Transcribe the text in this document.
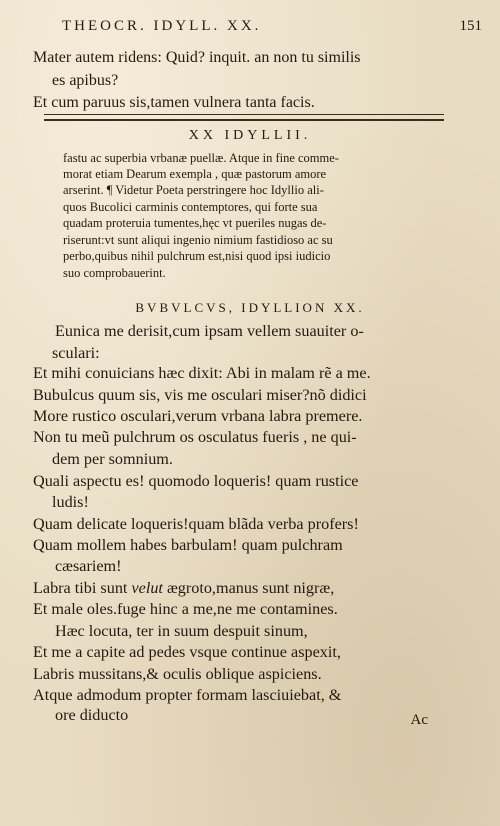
THEOCR. IDYLL. XX.	151
Mater autem ridens: Quid? inquit. an non tu similis
es apibus?
Et cum paruus sis,tamen vulnera tanta facis.
XX IDYLLII.
fastu ac superbia vrbanæ puellæ. Atque in fine comme-
morat etiam Dearum exempla , quæ pastorum amore
arserint. ¶ Videtur Poeta perstringere hoc Idyllio ali-
quos Bucolici carminis contemptores, qui forte sua
quadam proteruia tumentes,hęc vt pueriles nugas de-
riserunt:vt sunt aliqui ingenio nimium fastidioso ac su
perbo,quibus nihil pulchrum est,nisi quod ipsi iudicio
suo comprobauerint.
BVBVLCVS, IDYLLION XX.
Eunica me derisit,cum ipsam vellem suauiter o-
sculari:
Et mihi conuicians hæc dixit: Abi in malam rẽ a me.
Bubulcus quum sis, vis me osculari miser?nõ didici
More rustico osculari,verum vrbana labra premere.
Non tu meũ pulchrum os osculatus fueris , ne qui-
dem per somnium.
Quali aspectu es! quomodo loqueris! quam rustice
ludis!
Quam delicate loqueris!quam blãda verba profers!
Quam mollem habes barbulam! quam pulchram
cæsariem!
Labra tibi sunt velut ægroto,manus sunt nigræ,
Et male oles.fuge hinc a me,ne me contamines.
Hæc locuta, ter in suum despuit sinum,
Et me a capite ad pedes vsque continue aspexit,
Labris mussitans,& oculis oblique aspiciens.
Atque admodum propter formam lasciuiebat, &
ore diducto	Ac
